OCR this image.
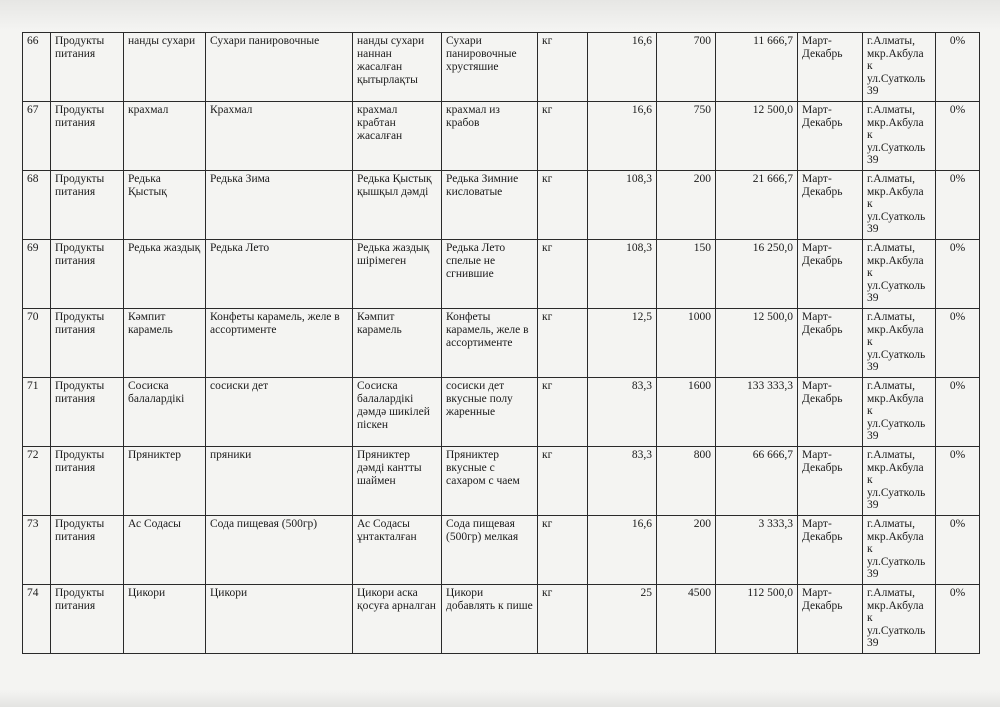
66	Продукты питания	нанды сухари	Сухари панировочные	нанды сухари наннан жасалған қытырлақты	Сухари панировочные хрустяшие	кг	16,6	700	11 666,7	Март-Декабрь	г.Алматы,
мкр.Акбула
к
ул.Суатколь
39	0%
67	Продукты питания	крахмал	Крахмал	крахмал крабтан жасалған	крахмал из крабов	кг	16,6	750	12 500,0	Март-Декабрь	г.Алматы,
мкр.Акбула
к
ул.Суатколь
39	0%
68	Продукты питания	Редька Қыстық	Редька Зима	Редька Қыстық қышқыл дәмді	Редька Зимние кисловатые	кг	108,3	200	21 666,7	Март-Декабрь	г.Алматы,
мкр.Акбула
к
ул.Суатколь
39	0%
69	Продукты питания	Редька жаздық	Редька Лето	Редька жаздық шірімеген	Редька Лето спелые не сгнившие	кг	108,3	150	16 250,0	Март-Декабрь	г.Алматы,
мкр.Акбула
к
ул.Суатколь
39	0%
70	Продукты питания	Кәмпит карамель	Конфеты карамель, желе в ассортименте	Кәмпит карамель	Конфеты карамель, желе в ассортименте	кг	12,5	1000	12 500,0	Март-Декабрь	г.Алматы,
мкр.Акбула
к
ул.Суатколь
39	0%
71	Продукты питания	Сосиска балалардікі	сосиски дет	Сосиска балалардікі дәмдә шикілей піскен	сосиски дет вкусные полу жаренные	кг	83,3	1600	133 333,3	Март-Декабрь	г.Алматы,
мкр.Акбула
к
ул.Суатколь
39	0%
72	Продукты питания	Пряниктер	пряники	Пряниктер дәмді кантты шаймен	Пряниктер вкусные с сахаром с чаем	кг	83,3	800	66 666,7	Март-Декабрь	г.Алматы,
мкр.Акбула
к
ул.Суатколь
39	0%
73	Продукты питания	Ас Содасы	Сода пищевая (500гр)	Ас Содасы ұнтакталған	Сода пищевая (500гр) мелкая	кг	16,6	200	3 333,3	Март-Декабрь	г.Алматы,
мкр.Акбула
к
ул.Суатколь
39	0%
74	Продукты питания	Цикори	Цикори	Цикори аска қосуға арналган	Цикори добавлять к пише	кг	25	4500	112 500,0	Март-Декабрь	г.Алматы,
мкр.Акбула
к
ул.Суатколь
39	0%
